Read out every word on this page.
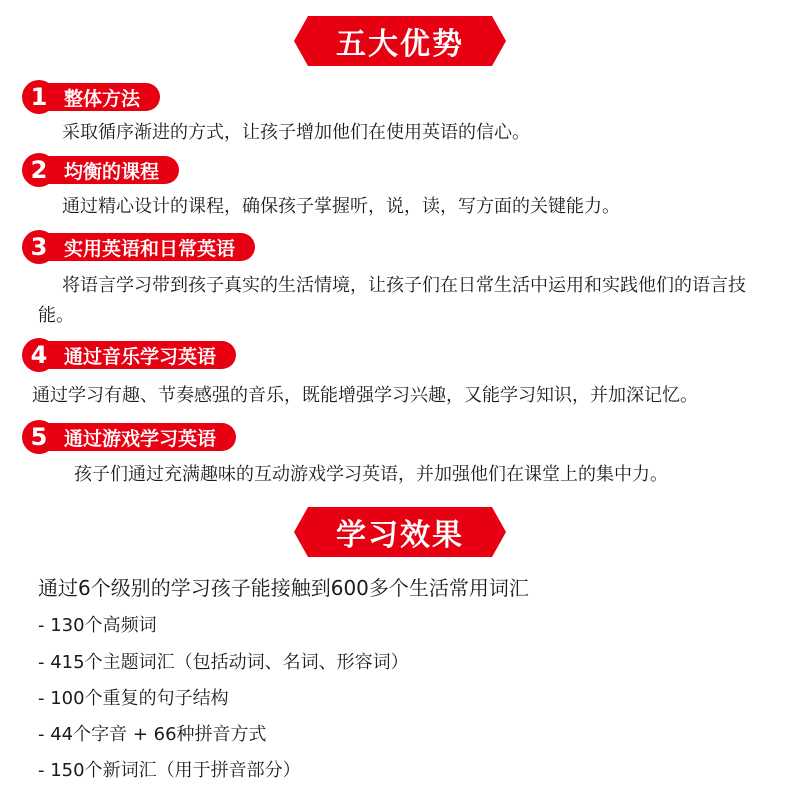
五大优势
1 整体方法
采取循序渐进的方式，让孩子增加他们在使用英语的信心。
2 均衡的课程
通过精心设计的课程，确保孩子掌握听，说，读，写方面的关键能力。
3 实用英语和日常英语
将语言学习带到孩子真实的生活情境，让孩子们在日常生活中运用和实践他们的语言技能。
4 通过音乐学习英语
通过学习有趣、节奏感强的音乐，既能增强学习兴趣，又能学习知识，并加深记忆。
5 通过游戏学习英语
孩子们通过充满趣味的互动游戏学习英语，并加强他们在课堂上的集中力。
学习效果
通过6个级别的学习孩子能接触到600多个生活常用词汇
- 130个高频词
- 415个主题词汇（包括动词、名词、形容词）
- 100个重复的句子结构
- 44个字音 + 66种拼音方式
- 150个新词汇（用于拼音部分）
